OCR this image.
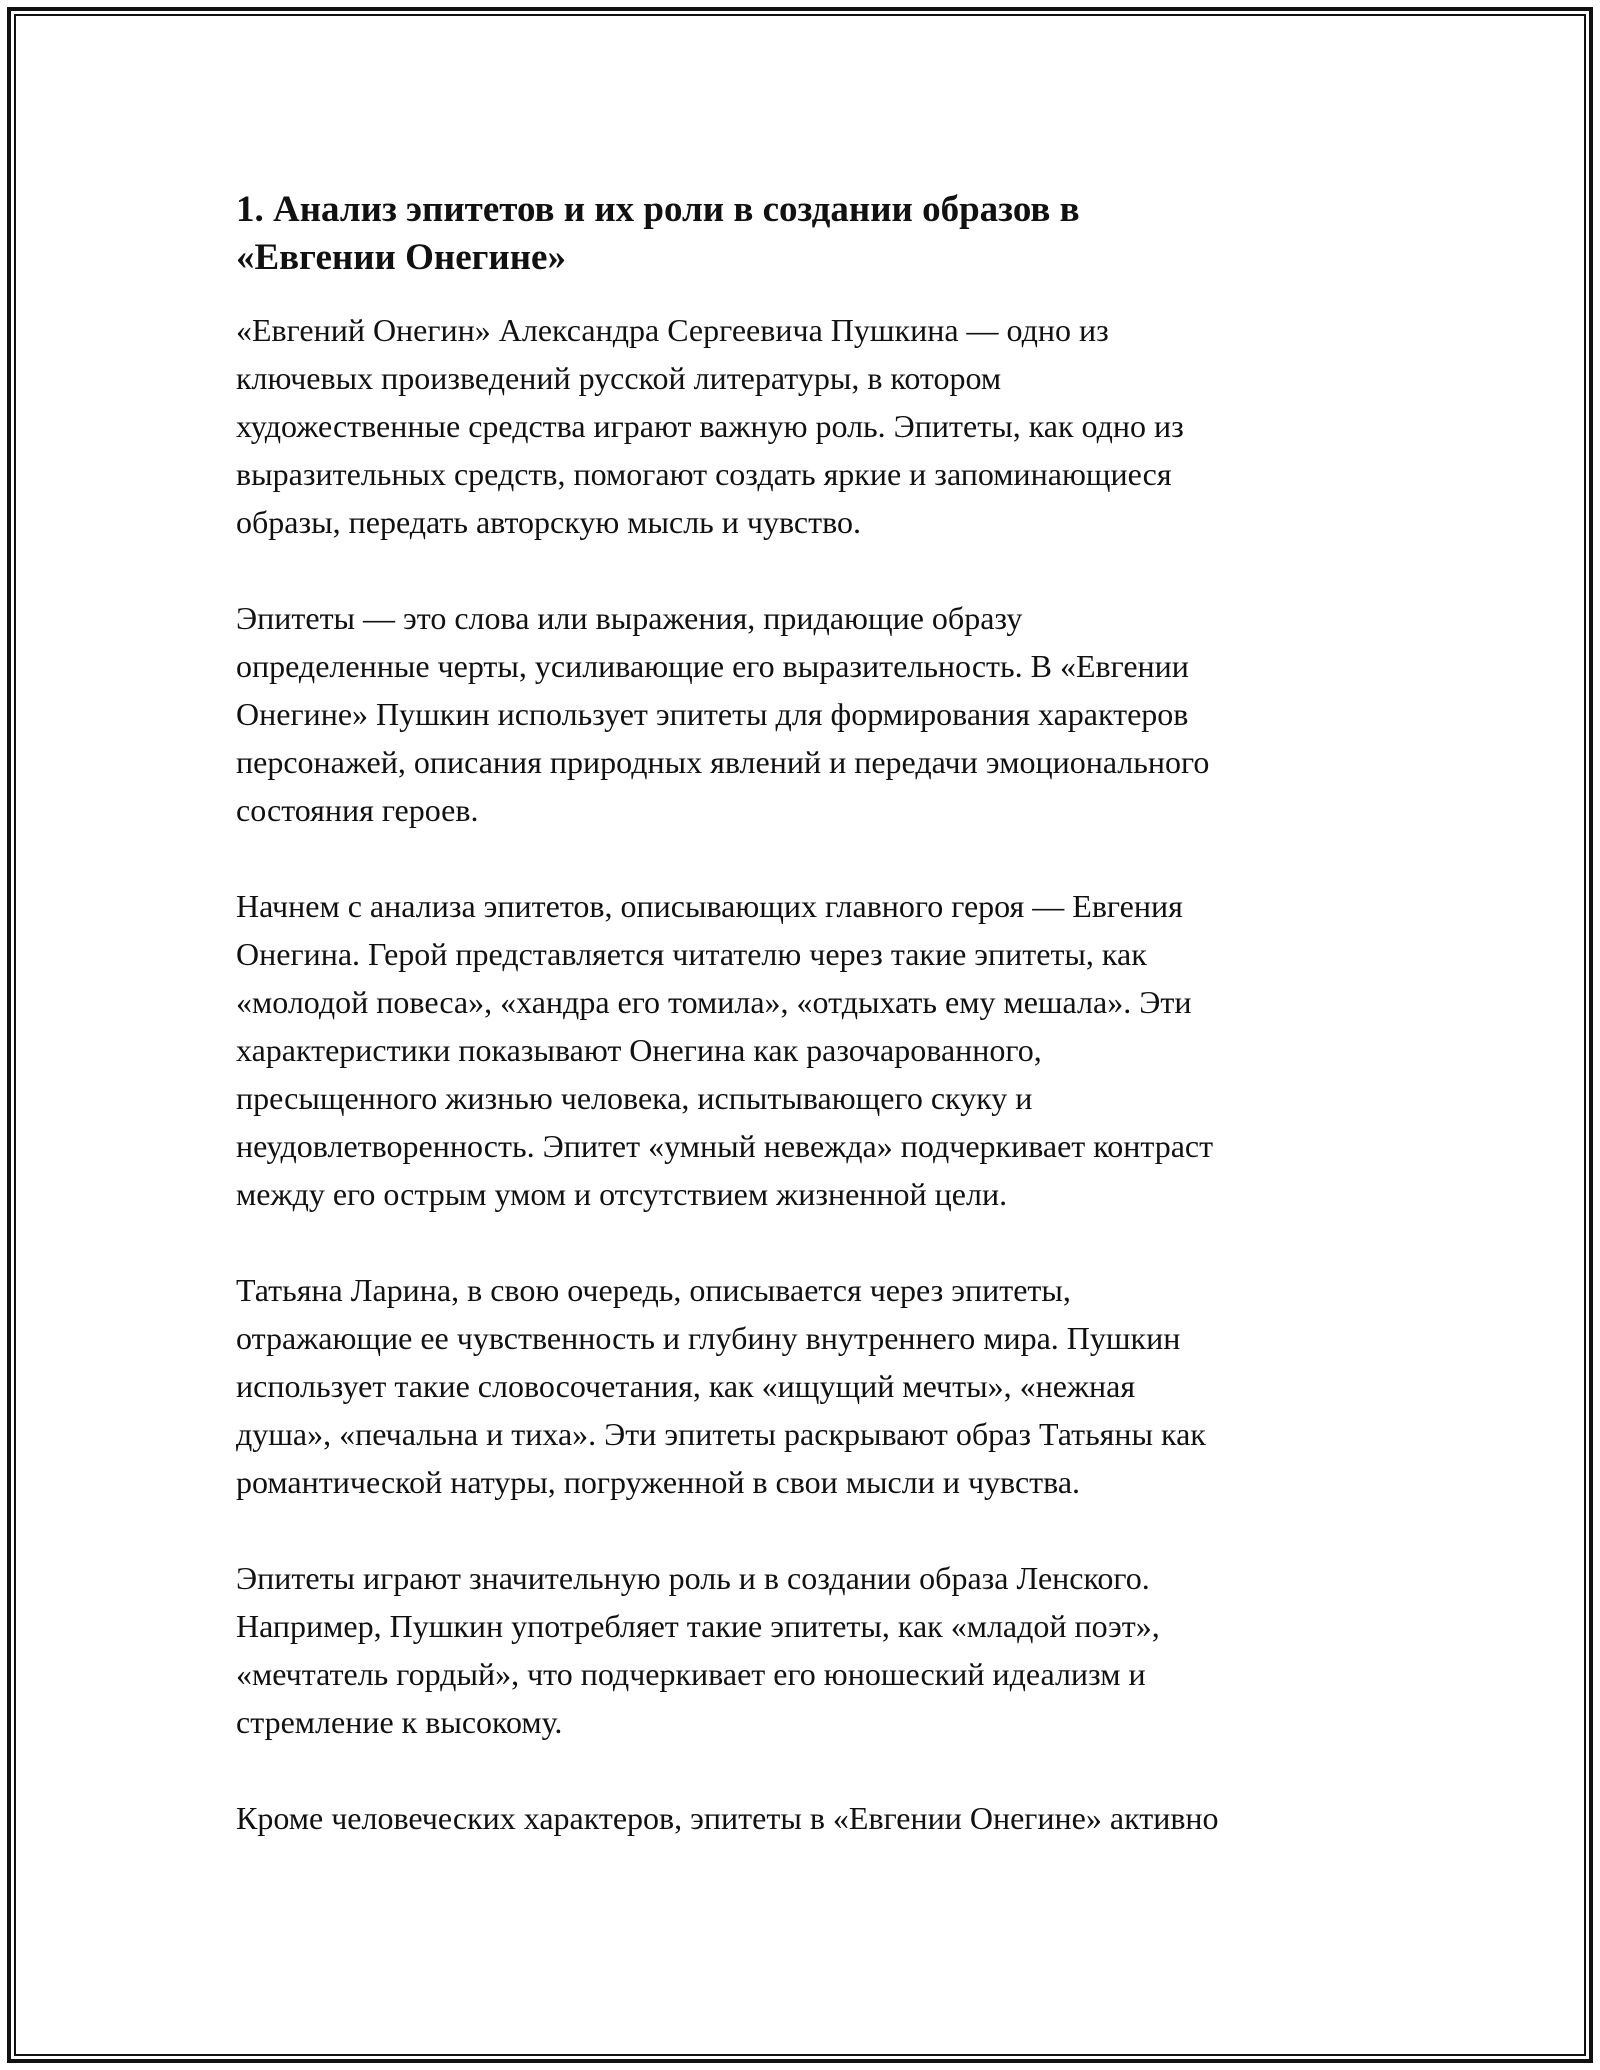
1. Анализ эпитетов и их роли в создании образов в
«Евгении Онегине»

«Евгений Онегин» Александра Сергеевича Пушкина — одно из
ключевых произведений русской литературы, в котором
художественные средства играют важную роль. Эпитеты, как одно из
выразительных средств, помогают создать яркие и запоминающиеся
образы, передать авторскую мысль и чувство.

Эпитеты — это слова или выражения, придающие образу
определенные черты, усиливающие его выразительность. В «Евгении
Онегине» Пушкин использует эпитеты для формирования характеров
персонажей, описания природных явлений и передачи эмоционального
состояния героев.

Начнем с анализа эпитетов, описывающих главного героя — Евгения
Онегина. Герой представляется читателю через такие эпитеты, как
«молодой повеса», «хандра его томила», «отдыхать ему мешала». Эти
характеристики показывают Онегина как разочарованного,
пресыщенного жизнью человека, испытывающего скуку и
неудовлетворенность. Эпитет «умный невежда» подчеркивает контраст
между его острым умом и отсутствием жизненной цели.

Татьяна Ларина, в свою очередь, описывается через эпитеты,
отражающие ее чувственность и глубину внутреннего мира. Пушкин
использует такие словосочетания, как «ищущий мечты», «нежная
душа», «печальна и тиха». Эти эпитеты раскрывают образ Татьяны как
романтической натуры, погруженной в свои мысли и чувства.

Эпитеты играют значительную роль и в создании образа Ленского.
Например, Пушкин употребляет такие эпитеты, как «младой поэт»,
«мечтатель гордый», что подчеркивает его юношеский идеализм и
стремление к высокому.

Кроме человеческих характеров, эпитеты в «Евгении Онегине» активно
